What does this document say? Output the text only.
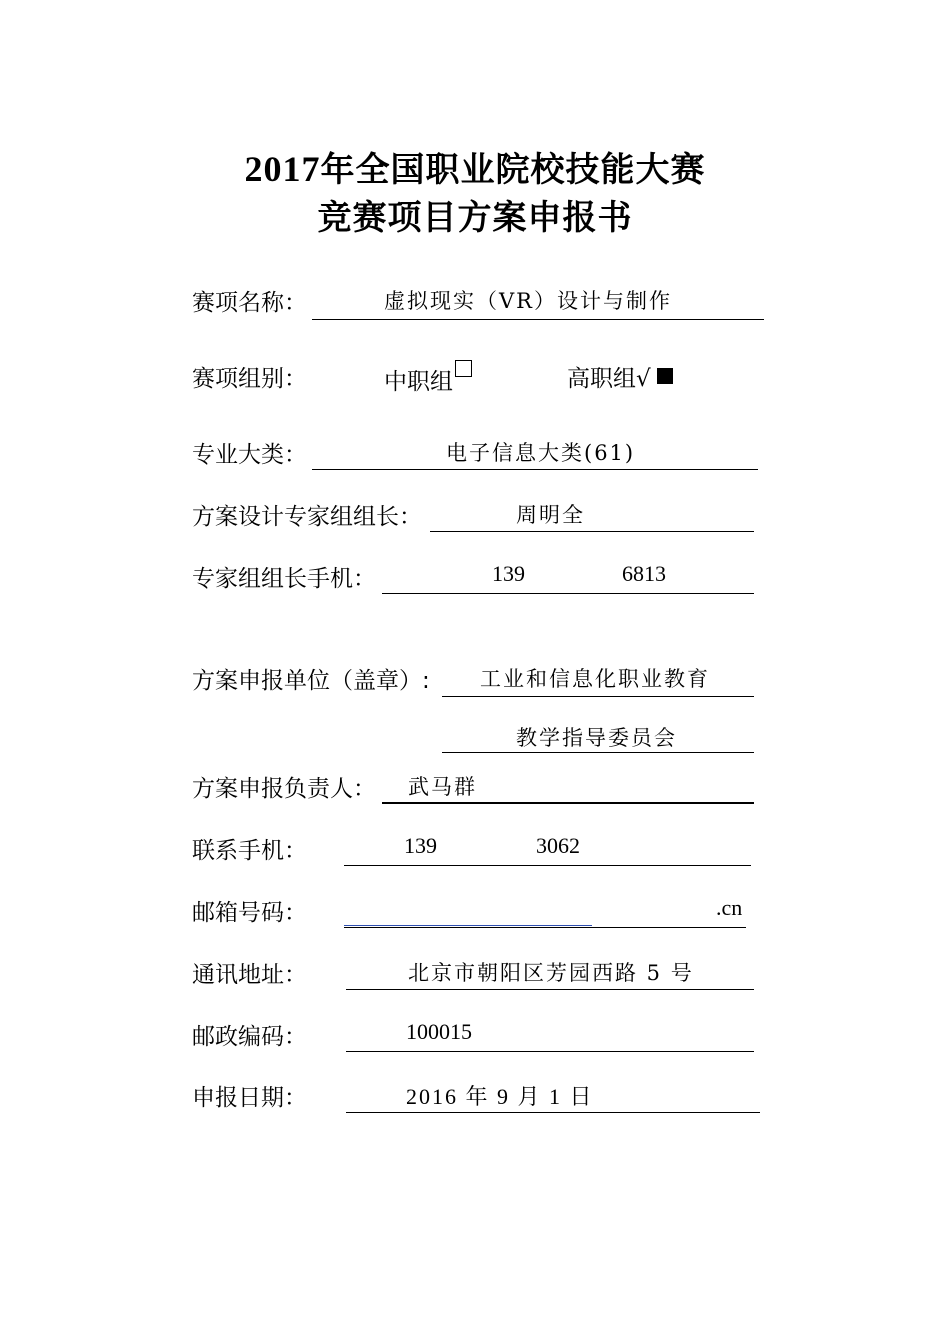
2017年全国职业院校技能大赛
竞赛项目方案申报书
赛项名称：	虚拟现实（VR）设计与制作
赛项组别：	中职组	高职组√
专业大类：	电子信息大类(61)
方案设计专家组组长：	周明全
专家组组长手机：	139	6813
方案申报单位（盖章）: 工业和信息化职业教育
教学指导委员会
方案申报负责人： 武马群
联系手机：	139	3062
邮箱号码：	.cn
通讯地址：	北京市朝阳区芳园西路 5 号
邮政编码：	100015
申报日期：	2016 年 9 月 1 日
